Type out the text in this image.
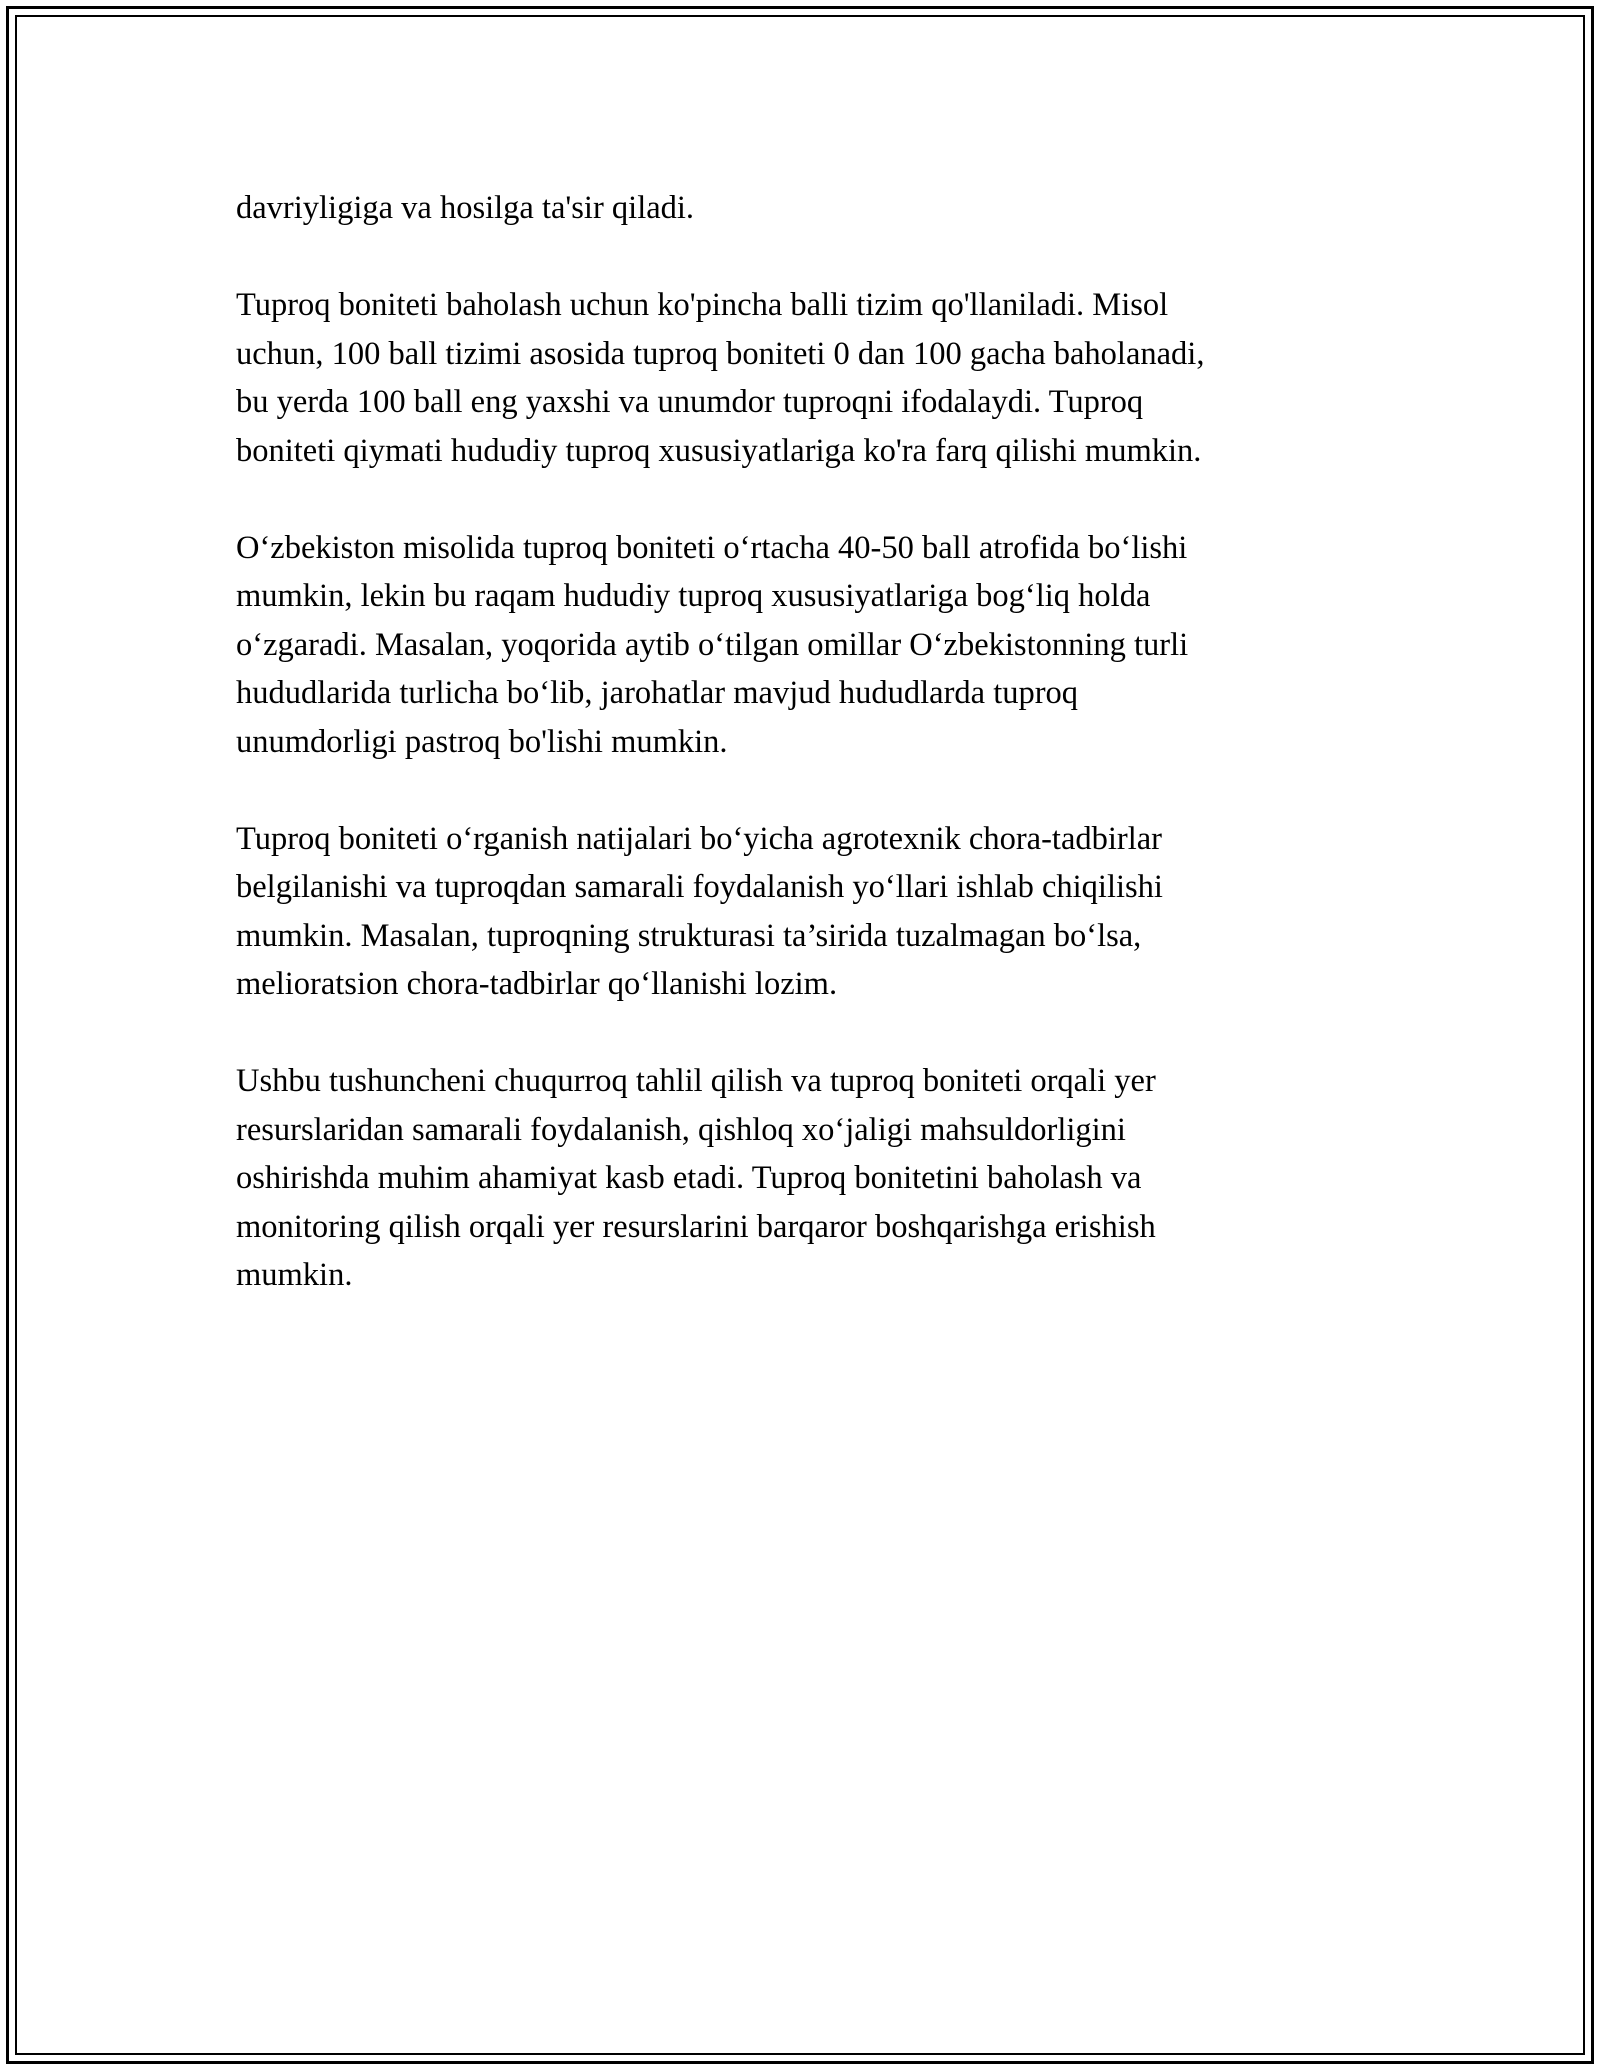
davriyligiga va hosilga ta'sir qiladi.

Tuproq boniteti baholash uchun ko'pincha balli tizim qo'llaniladi. Misol
uchun, 100 ball tizimi asosida tuproq boniteti 0 dan 100 gacha baholanadi,
bu yerda 100 ball eng yaxshi va unumdor tuproqni ifodalaydi. Tuproq
boniteti qiymati hududiy tuproq xususiyatlariga ko'ra farq qilishi mumkin.

O‘zbekiston misolida tuproq boniteti o‘rtacha 40-50 ball atrofida bo‘lishi
mumkin, lekin bu raqam hududiy tuproq xususiyatlariga bog‘liq holda
o‘zgaradi. Masalan, yoqorida aytib o‘tilgan omillar O‘zbekistonning turli
hududlarida turlicha bo‘lib, jarohatlar mavjud hududlarda tuproq
unumdorligi pastroq bo'lishi mumkin.

Tuproq boniteti o‘rganish natijalari bo‘yicha agrotexnik chora-tadbirlar
belgilanishi va tuproqdan samarali foydalanish yo‘llari ishlab chiqilishi
mumkin. Masalan, tuproqning strukturasi ta’sirida tuzalmagan bo‘lsa,
melioratsion chora-tadbirlar qo‘llanishi lozim.

Ushbu tushuncheni chuqurroq tahlil qilish va tuproq boniteti orqali yer
resurslaridan samarali foydalanish, qishloq xo‘jaligi mahsuldorligini
oshirishda muhim ahamiyat kasb etadi. Tuproq bonitetini baholash va
monitoring qilish orqali yer resurslarini barqaror boshqarishga erishish
mumkin.
